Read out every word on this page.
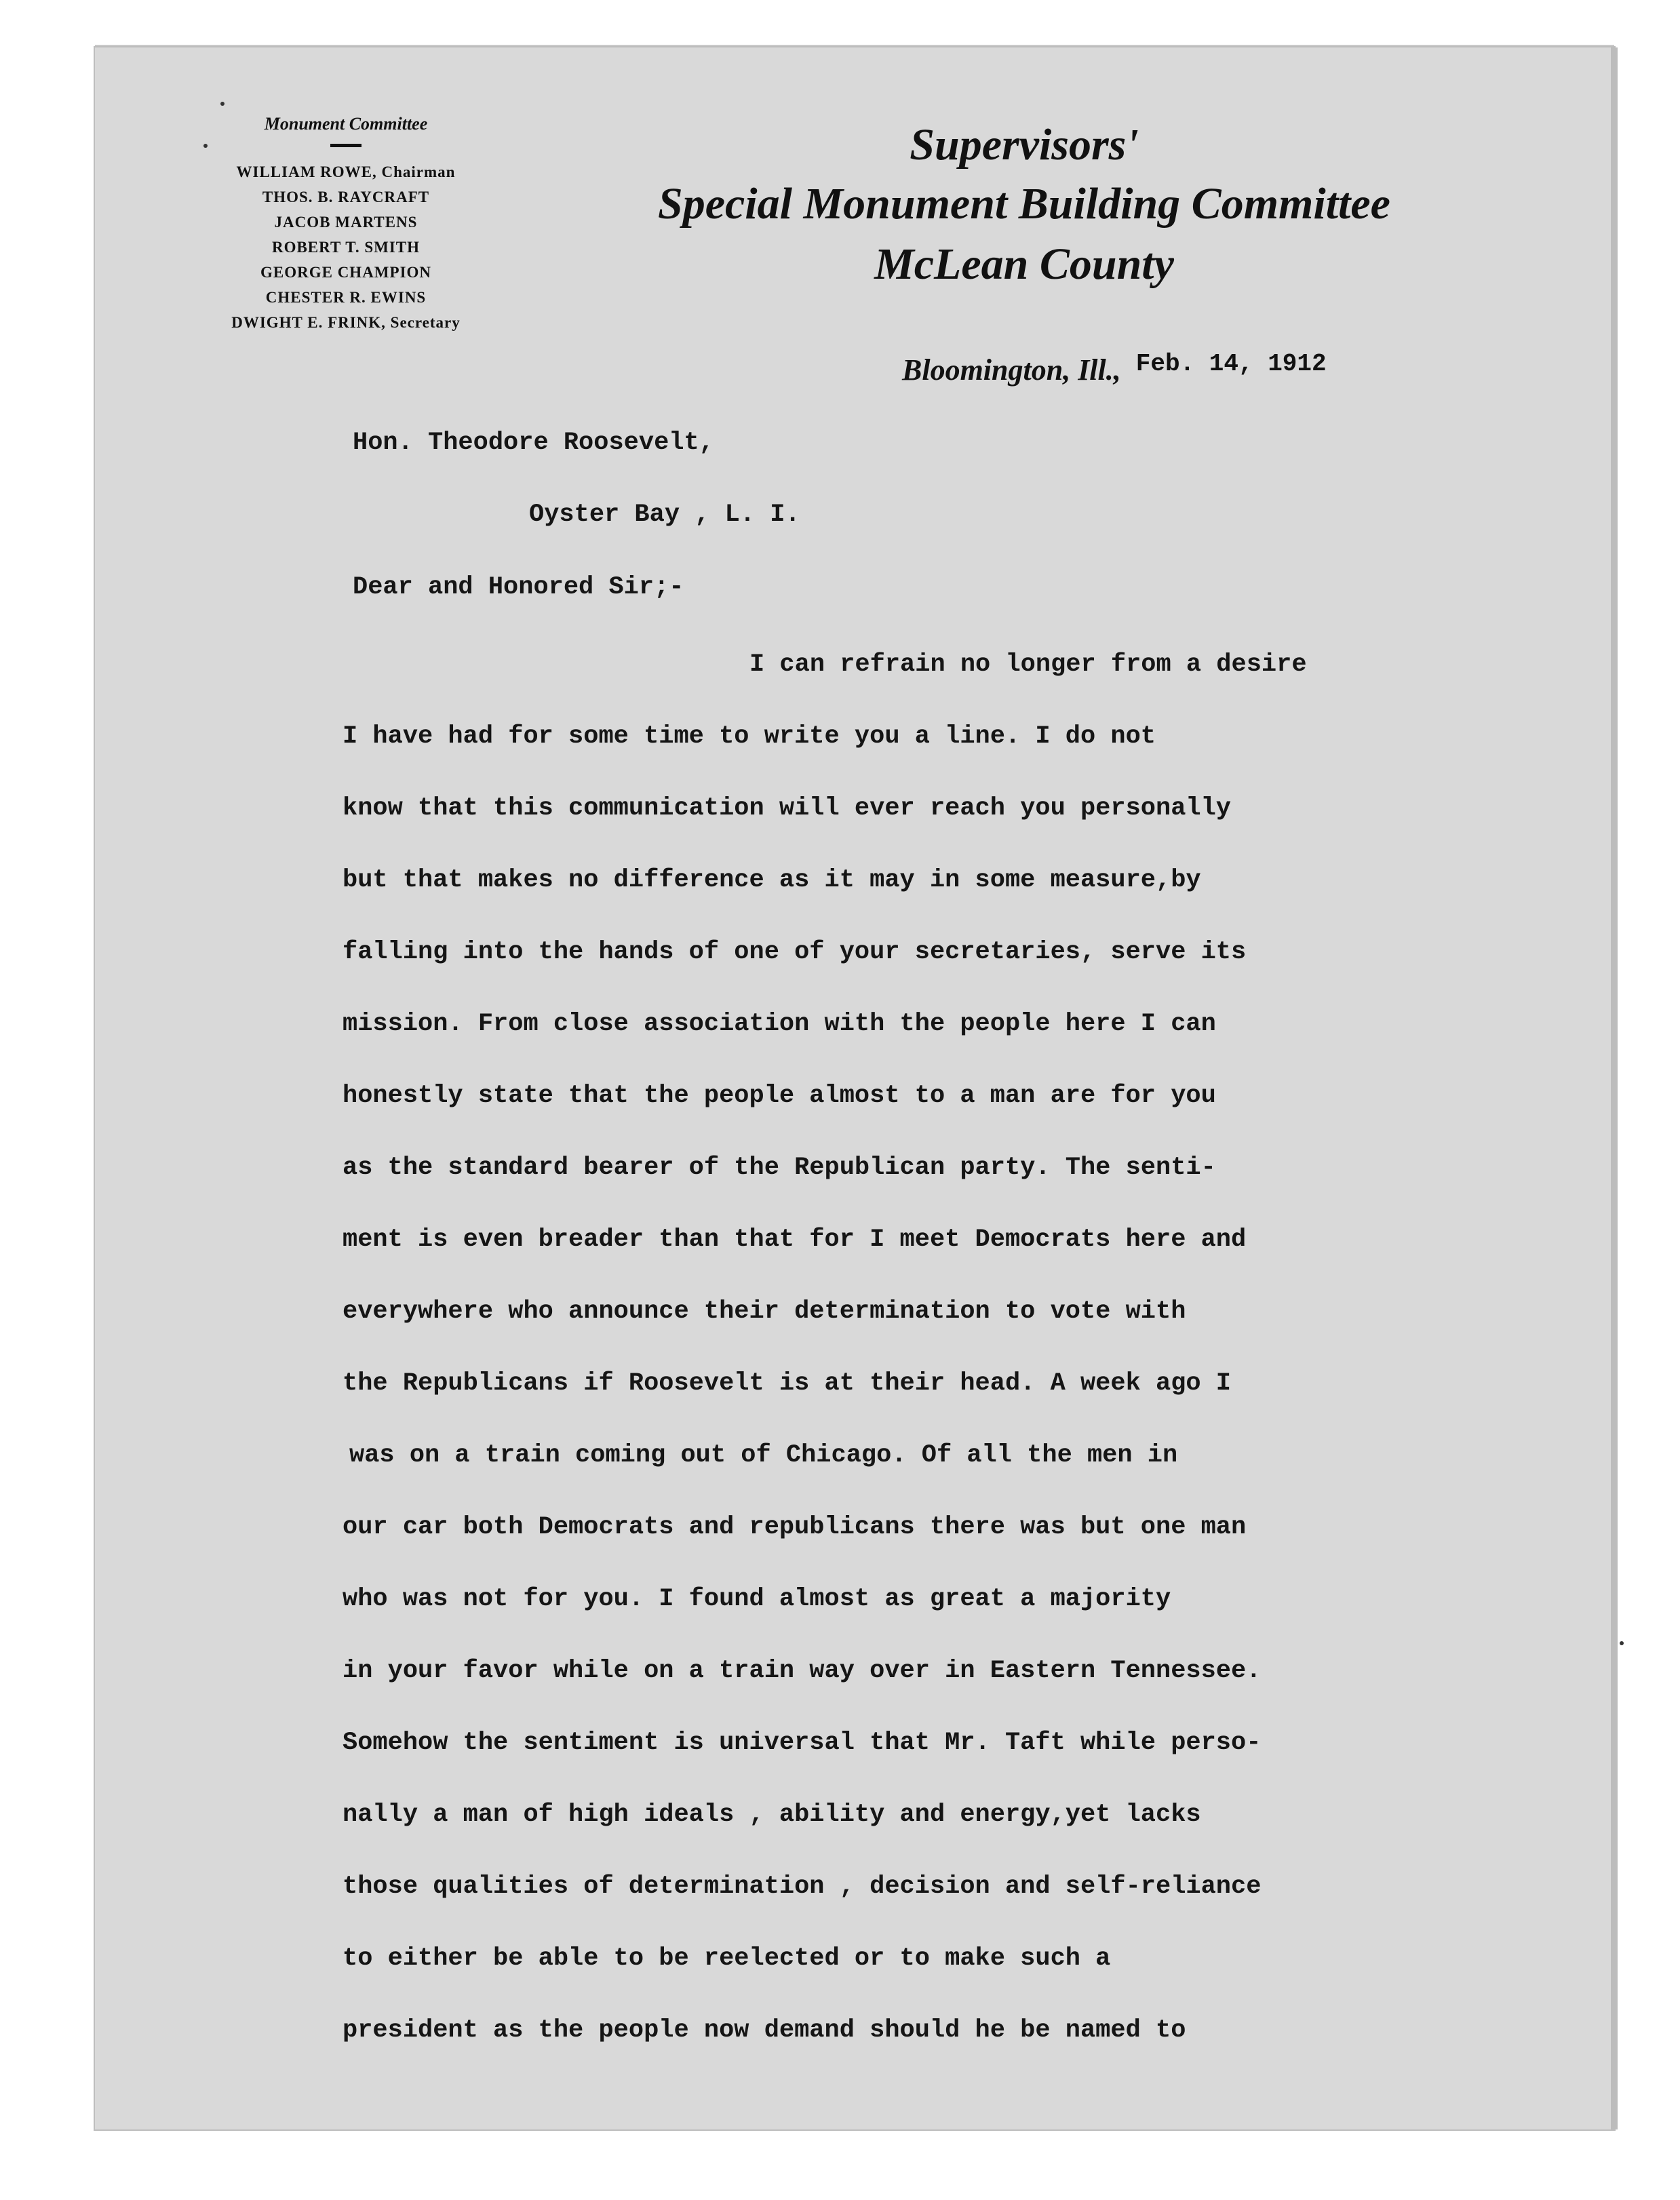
Monument Committee
WILLIAM ROWE, Chairman
THOS. B. RAYCRAFT
JACOB MARTENS
ROBERT T. SMITH
GEORGE CHAMPION
CHESTER R. EWINS
DWIGHT E. FRINK, Secretary
Supervisors'
Special Monument Building Committee
McLean County
Bloomington, Ill., Feb. 14, 1912
Hon. Theodore Roosevelt,
Oyster Bay , L. I.
Dear and Honored Sir;-
I can refrain no longer from a desire
I have had for some time to write you a line. I do not
know that this communication will ever reach you personally
but that makes no difference as it may in some measure,by
falling into the hands of one of your secretaries, serve its
mission. From close association with the people here I can
honestly state that the people almost to a man are for you
as the standard bearer of the Republican party. The senti-
ment is even breader than that for I meet Democrats here and
everywhere who announce their determination to vote with
the Republicans if Roosevelt is at their head. A week ago I
was on a train coming out of Chicago. Of all the men in
our car both Democrats and republicans there was but one man
who was not for you. I found almost as great a majority
in your favor while on a train way over in Eastern Tennessee.
Somehow the sentiment is universal that Mr. Taft while perso-
nally a man of high ideals , ability and energy,yet lacks
those qualities of determination , decision and self-reliance
to either be able to be reelected or to make such a
president as the people now demand should he be named to
